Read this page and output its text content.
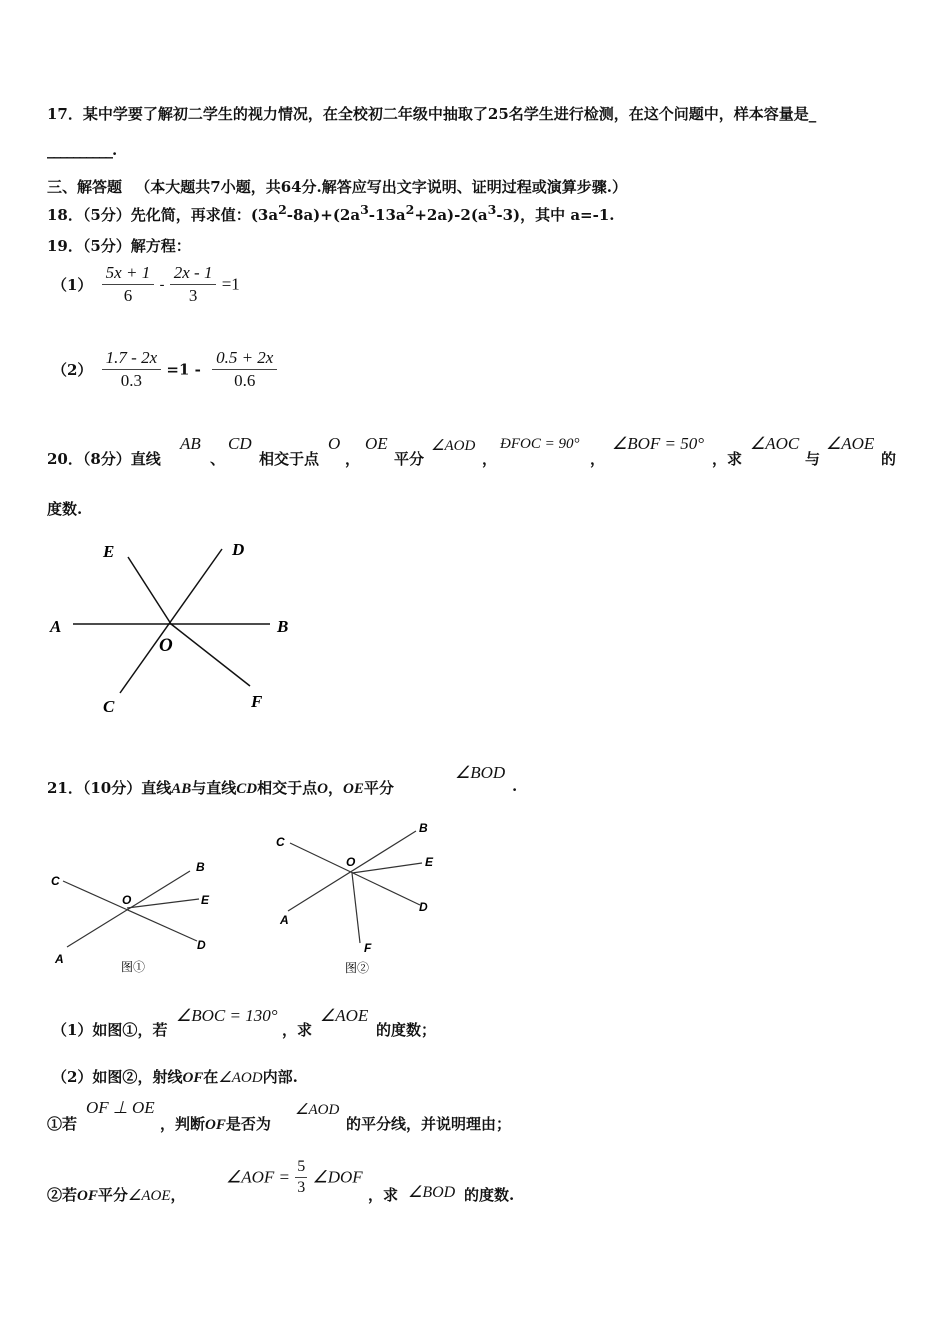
17．某中学要了解初二学生的视力情况，在全校初二年级中抽取了25名学生进行检测，在这个问题中，样本容量是_
__________.
三、解答题 （本大题共7小题，共64分.解答应写出文字说明、证明过程或演算步骤.）
18．（5分）先化简，再求值：$(3a^2-8a)+(2a^3-13a^2+2a)-2(a^3-3)$，其中 a=-1.
19．（5分）解方程：
$(1) \frac{5x + 1}{6} - \frac{2x - 1}{3} =1$
$(2) \frac{1.7 - 2x}{0.3} =1 - \frac{0.5 + 2x}{0.6}$
20．（8分）直线
AB
、
CD
相交于点
O
，
OE
平分
∠AOD
，
ÐFOC = 90°
，
∠BOF = 50°
，求
∠AOC
与
∠AOE
的
度数.
E	D
A	B
O
C	F
21．（10分）直线AB与直线CD相交于点O，OE平分
∠BOD
.
C
B
O	E
A
D
图①
C
B
O	E
D
A
F
图②
（1）如图①，若
∠BOC = 130°
，求
∠AOE
的度数；
（2）如图②，射线OF在∠AOD内部.
①若
OF ⊥ OE
，判断OF是否为
∠AOD
的平分线，并说明理由；
②若OF平分∠AOE，
∠AOF = $\frac{5}{3}$ ∠DOF
，求 ∠BOD 的度数.
